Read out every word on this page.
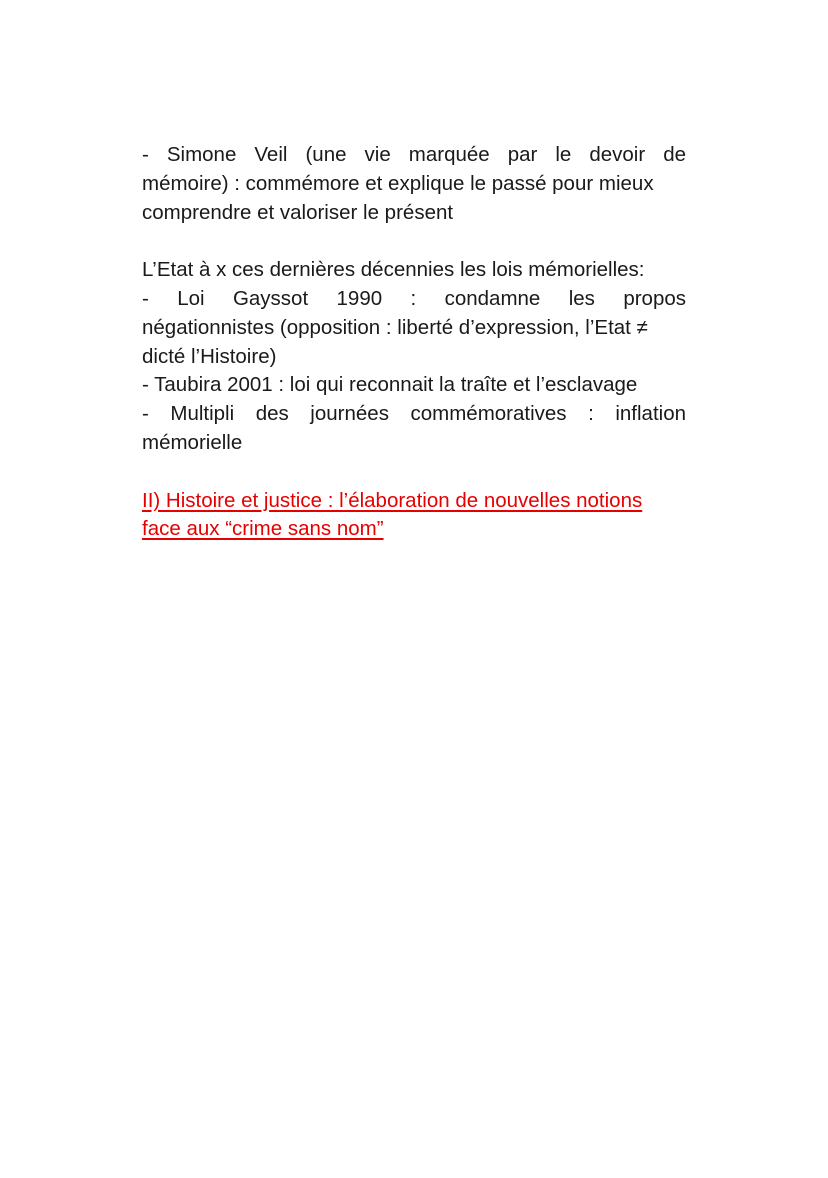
- Simone Veil (une vie marquée par le devoir de
mémoire) : commémore et explique le passé pour mieux
comprendre et valoriser le présent
L’Etat à x ces dernières décennies les lois mémorielles:
- Loi Gayssot 1990 : condamne les propos
négationnistes (opposition : liberté d’expression, l’Etat ≠
dicté l’Histoire)
- Taubira 2001 : loi qui reconnait la traîte et l’esclavage
- Multipli des journées commémoratives : inflation
mémorielle
II) Histoire et justice : l’élaboration de nouvelles notions
face aux “crime sans nom”
